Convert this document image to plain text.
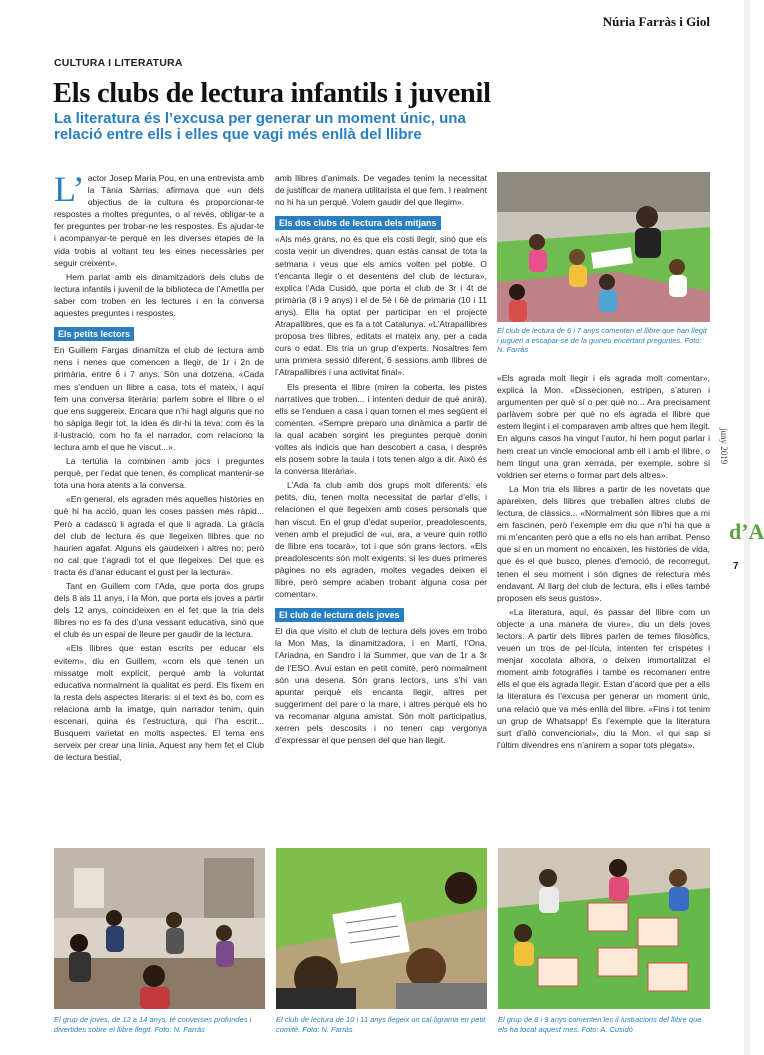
Núria Farràs i Giol
CULTURA I LITERATURA
Els clubs de lectura infantils i juvenil
La literatura és l’excusa per generar un moment únic, una relació entre ells i elles que vagi més enllà del llibre

L’actor Josep Maria Pou, en una entrevista amb la Tània Sàrrias, afirmava que «un dels objectius de la cultura és proporcionar-te respostes a moltes preguntes, o al revés, obligar-te a fer preguntes per trobar-ne les respostes. És ajudar-te i acompanyar-te perquè en les diverses etapes de la vida trobis al voltant teu les eines necessàries per seguir creixent».

Hem parlat amb els dinamitzadors dels clubs de lectura infantils i juvenil de la biblioteca de l’Ametlla per saber com troben en les lectures i en la conversa aquestes preguntes i respostes.

Els petits lectors

En Guillem Fargas dinamitza el club de lectura amb nens i nenes que comencen a llegir, de 1r i 2n de primària, entre 6 i 7 anys. Són una dotzena. «Cada mes s’enduen un llibre a casa, tots el mateix, i aquí fem una conversa literària: parlem sobre el llibre o el que ens suggereix. Encara que n’hi hagi alguns que no ho sàpiga llegir tot, la idea és dir-hi la teva: com és la il·lustració, com ho fa el narrador, com relaciono la lectura amb el que he viscut...».

La tertúlia la combinen amb jocs i preguntes perquè, per l’edat que tenen, és complicat mantenir-se tota una hora atents a la conversa.

«En general, els agraden més aquelles històries en què hi ha acció, quan les coses passen més ràpid... Però a cadascú li agrada el que li agrada. La gràcia del club de lectura és que llegeixen llibres que no haurien agafat. Alguns els gaudeixen i altres no; però no cal que t’agradi tot el que llegeixes. Del que es tracta és d’anar educant el gust per la lectura».

Tant en Guillem com l’Ada, que porta dos grups dels 8 als 11 anys, i la Mon, que porta els joves a partir dels 12 anys, coincideixen en el fet que la tria dels llibres no es fa des d’una vessant educativa, sinó que el club és un espai de lleure per gaudir de la lectura.

«Els llibres que estan escrits per educar els evitem», diu en Guillem, «com els que tenen un missatge molt explícit, perquè amb la voluntat educativa normalment la qualitat es perd. Els fixem en la resta dels aspectes literaris: si el text és bo, com es relaciona amb la imatge, quin narrador tenim, quin escenari, quina és l’estructura, qui l’ha escrit... Busquem varietat en molts aspectes. El tema ens serveix per crear una línia. Aquest any hem fet el Club de lectura bestial,

amb llibres d’animals. De vegades tenim la necessitat de justificar de manera utilitarista el que fem. I realment no hi ha un perquè. Volem gaudir del que llegim».

Els dos clubs de lectura dels mitjans

«Als més grans, no és que els costi llegir, sinó que els costa venir un divendres, quan estàs cansat de tota la setmana i veus que els amics volten pel poble. O t’encanta llegir o et desentens del club de lectura», explica l’Ada Cusidó, que porta el club de 3r i 4t de primària (8 i 9 anys) i el de 5è i 6è de primària (10 i 11 anys). Ella ha optat per participar en el projecte Atrapallibres, que es fa a tot Catalunya. «L’Atrapallibres proposa tres llibres, editats el mateix any, per a cada curs o edat. Els tria un grup d’experts. Nosaltres fem una primera sessió diferent, 6 sessions amb llibres de l’Atrapallibres i una activitat final».

Els presenta el llibre (miren la coberta, les pistes narratives que troben... i intenten deduir de què anirà), ells se l’enduen a casa i quan tornen el mes següent el comenten. «Sempre preparo una dinàmica a partir de la qual acaben sorgint les preguntes perquè donin voltes als indicis que han descobert a casa, i després els posem sobre la taula i tots tenen algo a dir. Això és la conversa literària».

L’Ada fa club amb dos grups molt diferents: els petits, diu, tenen molta necessitat de parlar d’ells, i relacionen el que llegeixen amb coses personals que han viscut. En el grup d’edat superior, preadolescents, venen amb el prejudici de «ui, ara, a veure quin rotllo de llibre ens tocarà», tot i que són grans lectors. «Els preadolescents són molt exigents: si les dues primeres pàgines no els agraden, moltes vegades deixen el llibre, però sempre acaben trobant alguna cosa per comentar».

El club de lectura dels joves

El dia que visito el club de lectura dels joves em trobo la Mon Mas, la dinamitzadora, i en Martí, l’Ona, l’Ariadna, en Sandro i la Summer, que van de 1r a 3r de l’ESO. Avui estan en petit comitè, però normalment són una desena. Són grans lectors, uns s’hi van apuntar perquè els encanta llegir, altres per suggeriment del pare o la mare, i altres perquè els ho va recomanar alguna amistat. Són molt participatius, xerren pels descosits i no tenen cap vergonya d’expressar el que pensen del que han llegit.

El club de lectura de 6 i 7 anys comenten el llibre que han llegit i juguen a escapar-se de la guineu encertant preguntes. Foto: N. Farràs

«Els agrada molt llegir i els agrada molt comentar», explica la Mon. «Dissecionen, estripen, s’aturen i argumenten per què sí o per què no... Ara precisament parlàvem sobre per què no els agrada el llibre que estem llegint i el comparaven amb altres que hem llegit. En alguns casos ha vingut l’autor, hi hem pogut parlar i hem creat un vincle emocional amb ell i amb el llibre, o hem tingut una gran xerrada, per exemple, sobre si voldrien ser eterns o formar part dels altres».

La Mon tria els llibres a partir de les novetats que apareixen, dels llibres que treballen altres clubs de lectura, de clàssics... «Normalment són llibres que a mi em fascinen, però l’exemple em diu que n’hi ha que a mi m’encanten però que a ells no els han arribat. Penso que si en un moment no encaixen, les històries de vida, que és el que busco, plenes d’emoció, de recorregut, tenen el seu moment i són dignes de relectura més endavant. Al llarg del club de lectura, ells i elles també proposen els seus gustos».

«La literatura, aquí, és passar del llibre com un objecte a una manera de viure», diu un dels joves lectors. A partir dels llibres parlen de temes filosòfics, veuen un tros de pel·lícula, intenten fer crispetes i menjar xocolata alhora, o deixen immortalitzat el moment amb fotografies i també es recomanen entre ells el que els agrada llegir. Estan d’acord que per a ells la literatura és l’excusa per generar un moment únic, una relació que va més enllà del llibre. «Fins i tot tenim un grup de Whatsapp! És l’exemple que la literatura surt d’allò convencional», diu la Mon. «I qui sap si l’últim divendres ens n’anirem a sopar tots plegats».

El grup de joves, de 12 a 14 anys, té converses profundes i divertides sobre el llibre llegit. Foto: N. Farràs
El club de lectura de 10 i 11 anys llegeix un cal·ligrama en petit comitè. Foto: N. Farràs
El grup de 8 i 9 anys comenten les il·lustracions del llibre que els ha tocat aquest mes. Foto: A. Cusidó
juny 2019
d’A
7
